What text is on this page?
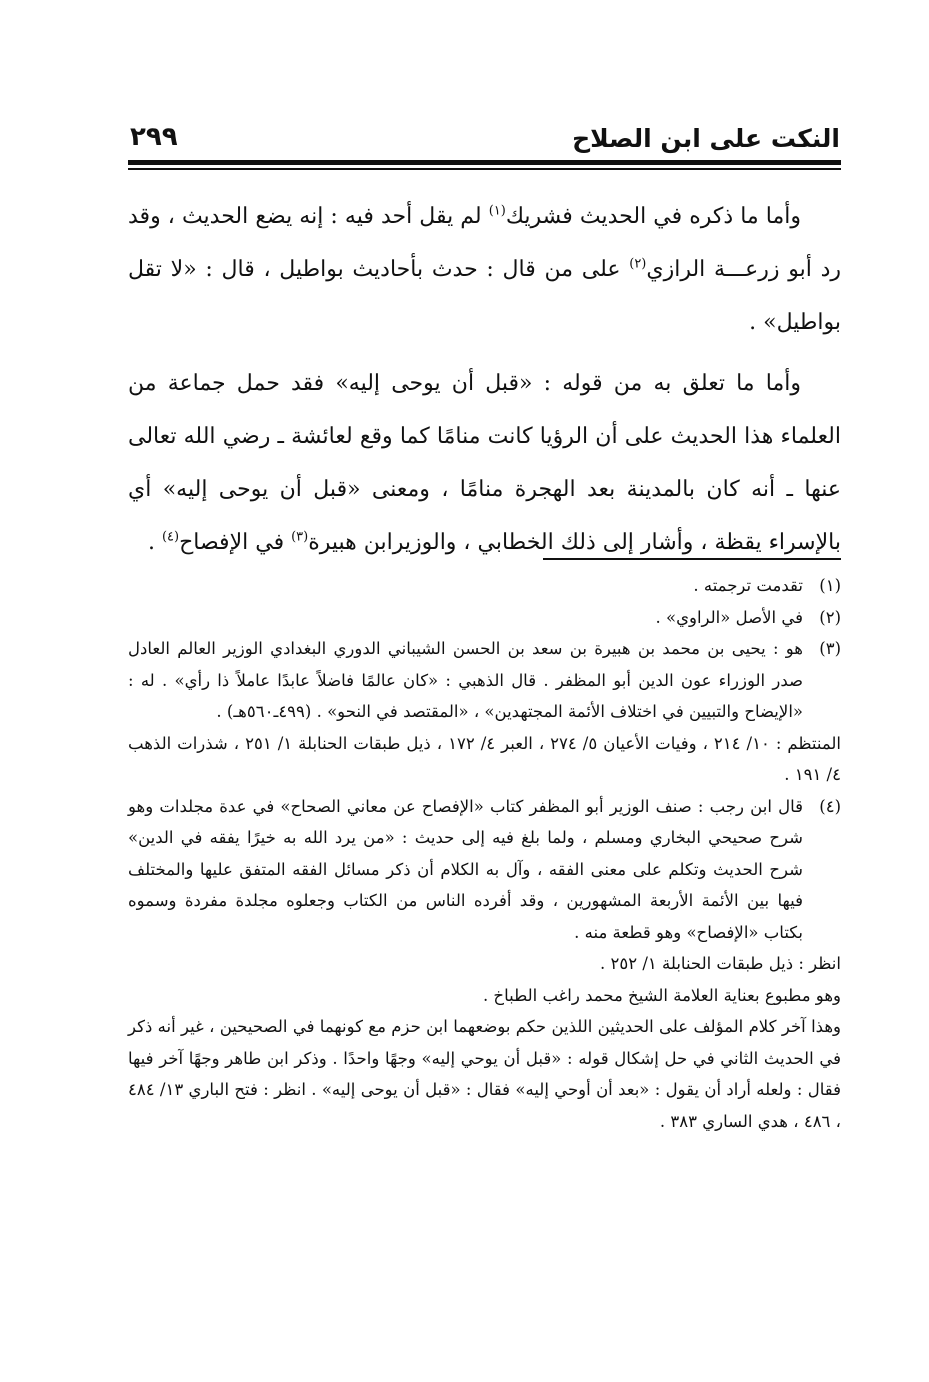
النكت على ابن الصلاح
٢٩٩

وأما ما ذكره في الحديث فشريك$^{(١)}$ لم يقل أحد فيه : إنه يضع الحديث ، وقد رد أبو زرعـــة الرازي$^{(٢)}$ على من قال : حدث بأحاديث بواطيل ، قال : «لا تقل بواطيل» .

وأما ما تعلق به من قوله : «قبل أن يوحى إليه» فقد حمل جماعة من العلماء هذا الحديث على أن الرؤيا كانت منامًا كما وقع لعائشة ـ رضي الله تعالى عنها ـ أنه كان بالمدينة بعد الهجرة منامًا ، ومعنى «قبل أن يوحى إليه» أي بالإسراء يقظة ، وأشار إلى ذلك الخطابي ، والوزيرابن هبيرة$^{(٣)}$ في الإفصاح$^{(٤)}$ .

(١)
تقدمت ترجمته .
(٢)
في الأصل «الراوي» .
(٣)
هو : يحيى بن محمد بن هبيرة بن سعد بن الحسن الشيباني الدوري البغدادي الوزير العالم العادل صدر الوزراء عون الدين أبو المظفر . قال الذهبي : «كان عالمًا فاضلاً عابدًا عاملاً ذا رأي» . له : «الإيضاح والتبيين في اختلاف الأئمة المجتهدين» ، «المقتصد في النحو» . (٤٩٩ـ٥٦٠هـ) .
المنتظم : ١٠/ ٢١٤ ، وفيات الأعيان ٥/ ٢٧٤ ، العبر ٤/ ١٧٢ ، ذيل طبقات الحنابلة ١/ ٢٥١ ، شذرات الذهب ٤/ ١٩١ .
(٤)
قال ابن رجب : صنف الوزير أبو المظفر كتاب «الإفصاح عن معاني الصحاح» في عدة مجلدات وهو شرح صحيحي البخاري ومسلم ، ولما بلغ فيه إلى حديث : «من يرد الله به خيرًا يفقه في الدين» شرح الحديث وتكلم على معنى الفقه ، وآل به الكلام أن ذكر مسائل الفقه المتفق عليها والمختلف فيها بين الأئمة الأربعة المشهورين ، وقد أفرده الناس من الكتاب وجعلوه مجلدة مفردة وسموه بكتاب «الإفصاح» وهو قطعة منه .
انظر : ذيل طبقات الحنابلة ١/ ٢٥٢ .
وهو مطبوع بعناية العلامة الشيخ محمد راغب الطباخ .
وهذا آخر كلام المؤلف على الحديثين اللذين حكم بوضعهما ابن حزم مع كونهما في الصحيحين ، غير أنه ذكر في الحديث الثاني في حل إشكال قوله : «قبل أن يوحي إليه» وجهًا واحدًا . وذكر ابن طاهر وجهًا آخر فيها فقال : ولعله أراد أن يقول : «بعد أن أوحي إليه» فقال : «قبل أن يوحى إليه» . انظر : فتح الباري ١٣/ ٤٨٤ ، ٤٨٦ ، هدي الساري ٣٨٣ .
